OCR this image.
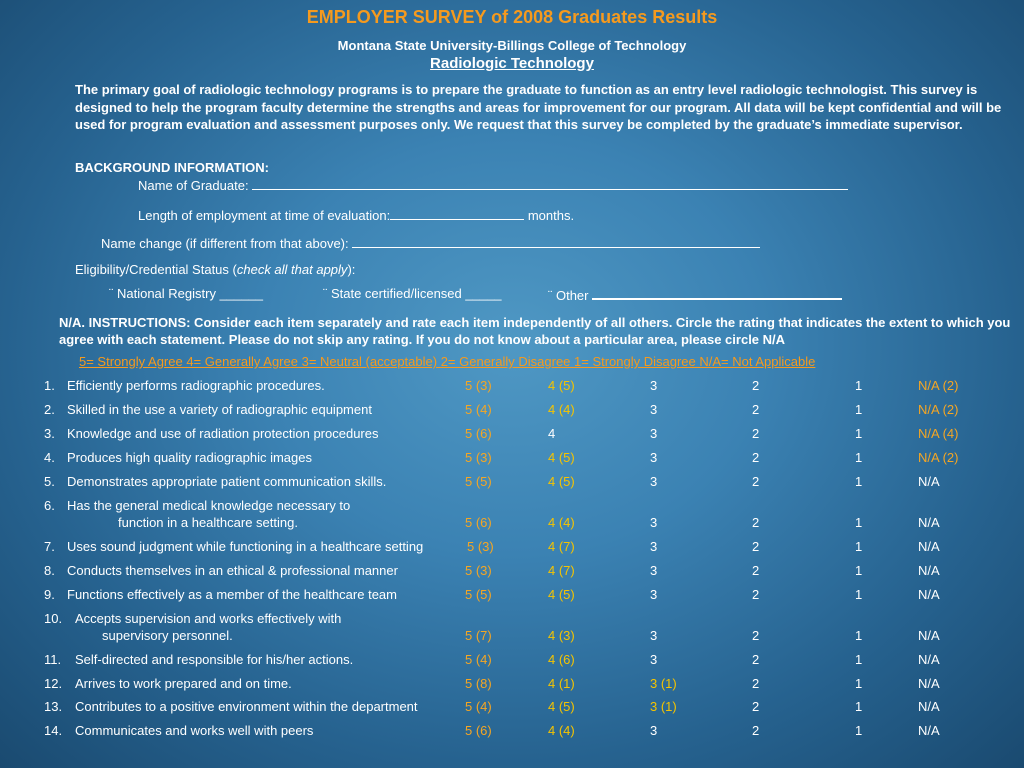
EMPLOYER SURVEY of 2008 Graduates Results
Montana State University-Billings College of Technology
Radiologic Technology
The primary goal of radiologic technology programs is to prepare the graduate to function as an entry level radiologic technologist. This survey is designed to help the program faculty determine the strengths and areas for improvement for our program. All data will be kept confidential and will be used for program evaluation and assessment purposes only. We request that this survey be completed by the graduate’s immediate supervisor.
BACKGROUND INFORMATION:
Name of Graduate:
Length of employment at time of evaluation:	months.
Name change (if different from that above):
Eligibility/Credential Status (check all that apply):
¨ National Registry ______	¨ State certified/licensed _____	¨ Other
N/A. INSTRUCTIONS: Consider each item separately and rate each item independently of all others. Circle the rating that indicates the extent to which you agree with each statement. Please do not skip any rating. If you do not know about a particular area, please circle N/A
5= Strongly Agree 4= Generally Agree 3= Neutral (acceptable) 2= Generally Disagree 1= Strongly Disagree N/A= Not Applicable
1. Efficiently performs radiographic procedures.	5 (3)	4 (5)	3	2	1	N/A (2)
2. Skilled in the use a variety of radiographic equipment	5 (4)	4 (4)	3	2	1	N/A (2)
3. Knowledge and use of radiation protection procedures	5 (6)	4	3	2	1	N/A (4)
4. Produces high quality radiographic images	5 (3)	4 (5)	3	2	1	N/A (2)
5. Demonstrates appropriate patient communication skills.	5 (5)	4 (5)	3	2	1	N/A
6. Has the general medical knowledge necessary to
function in a healthcare setting.	5 (6)	4 (4)	3	2	1	N/A
7. Uses sound judgment while functioning in a healthcare setting	5 (3)	4 (7)	3	2	1	N/A
8. Conducts themselves in an ethical & professional manner	5 (3)	4 (7)	3	2	1	N/A
9. Functions effectively as a member of the healthcare team	5 (5)	4 (5)	3	2	1	N/A
10. Accepts supervision and works effectively with
supervisory personnel.	5 (7)	4 (3)	3	2	1	N/A
11. Self-directed and responsible for his/her actions.	5 (4)	4 (6)	3	2	1	N/A
12. Arrives to work prepared and on time.	5 (8)	4 (1)	3 (1)	2	1	N/A
13. Contributes to a positive environment within the department	5 (4)	4 (5)	3 (1)	2	1	N/A
14. Communicates and works well with peers	5 (6)	4 (4)	3	2	1	N/A
